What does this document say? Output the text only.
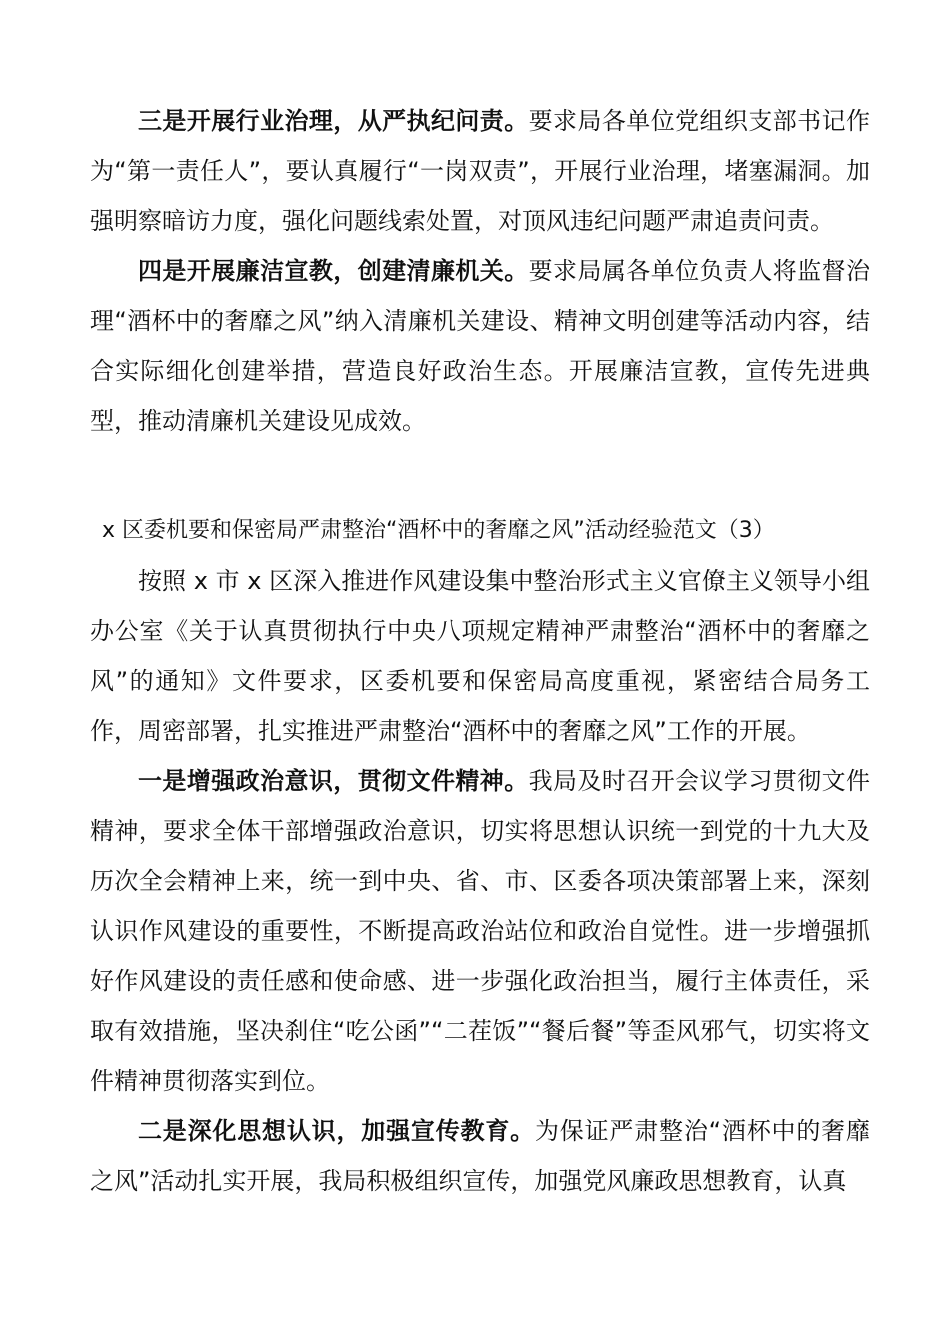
三是开展行业治理，从严执纪问责。要求局各单位党组织支部书记作为“第一责任人”，要认真履行“一岗双责”，开展行业治理，堵塞漏洞。加强明察暗访力度，强化问题线索处置，对顶风违纪问题严肃追责问责。

四是开展廉洁宣教，创建清廉机关。要求局属各单位负责人将监督治理“酒杯中的奢靡之风”纳入清廉机关建设、精神文明创建等活动内容，结合实际细化创建举措，营造良好政治生态。开展廉洁宣教，宣传先进典型，推动清廉机关建设见成效。

x 区委机要和保密局严肃整治“酒杯中的奢靡之风”活动经验范文（3）

按照 x 市 x 区深入推进作风建设集中整治形式主义官僚主义领导小组办公室《关于认真贯彻执行中央八项规定精神严肃整治“酒杯中的奢靡之风”的通知》文件要求，区委机要和保密局高度重视，紧密结合局务工作，周密部署，扎实推进严肃整治“酒杯中的奢靡之风”工作的开展。

一是增强政治意识，贯彻文件精神。我局及时召开会议学习贯彻文件精神，要求全体干部增强政治意识，切实将思想认识统一到党的十九大及历次全会精神上来，统一到中央、省、市、区委各项决策部署上来，深刻认识作风建设的重要性，不断提高政治站位和政治自觉性。进一步增强抓好作风建设的责任感和使命感、进一步强化政治担当，履行主体责任，采取有效措施，坚决刹住“吃公函”“二茬饭”“餐后餐”等歪风邪气，切实将文件精神贯彻落实到位。

二是深化思想认识，加强宣传教育。为保证严肃整治“酒杯中的奢靡之风”活动扎实开展，我局积极组织宣传，加强党风廉政思想教育，认真
